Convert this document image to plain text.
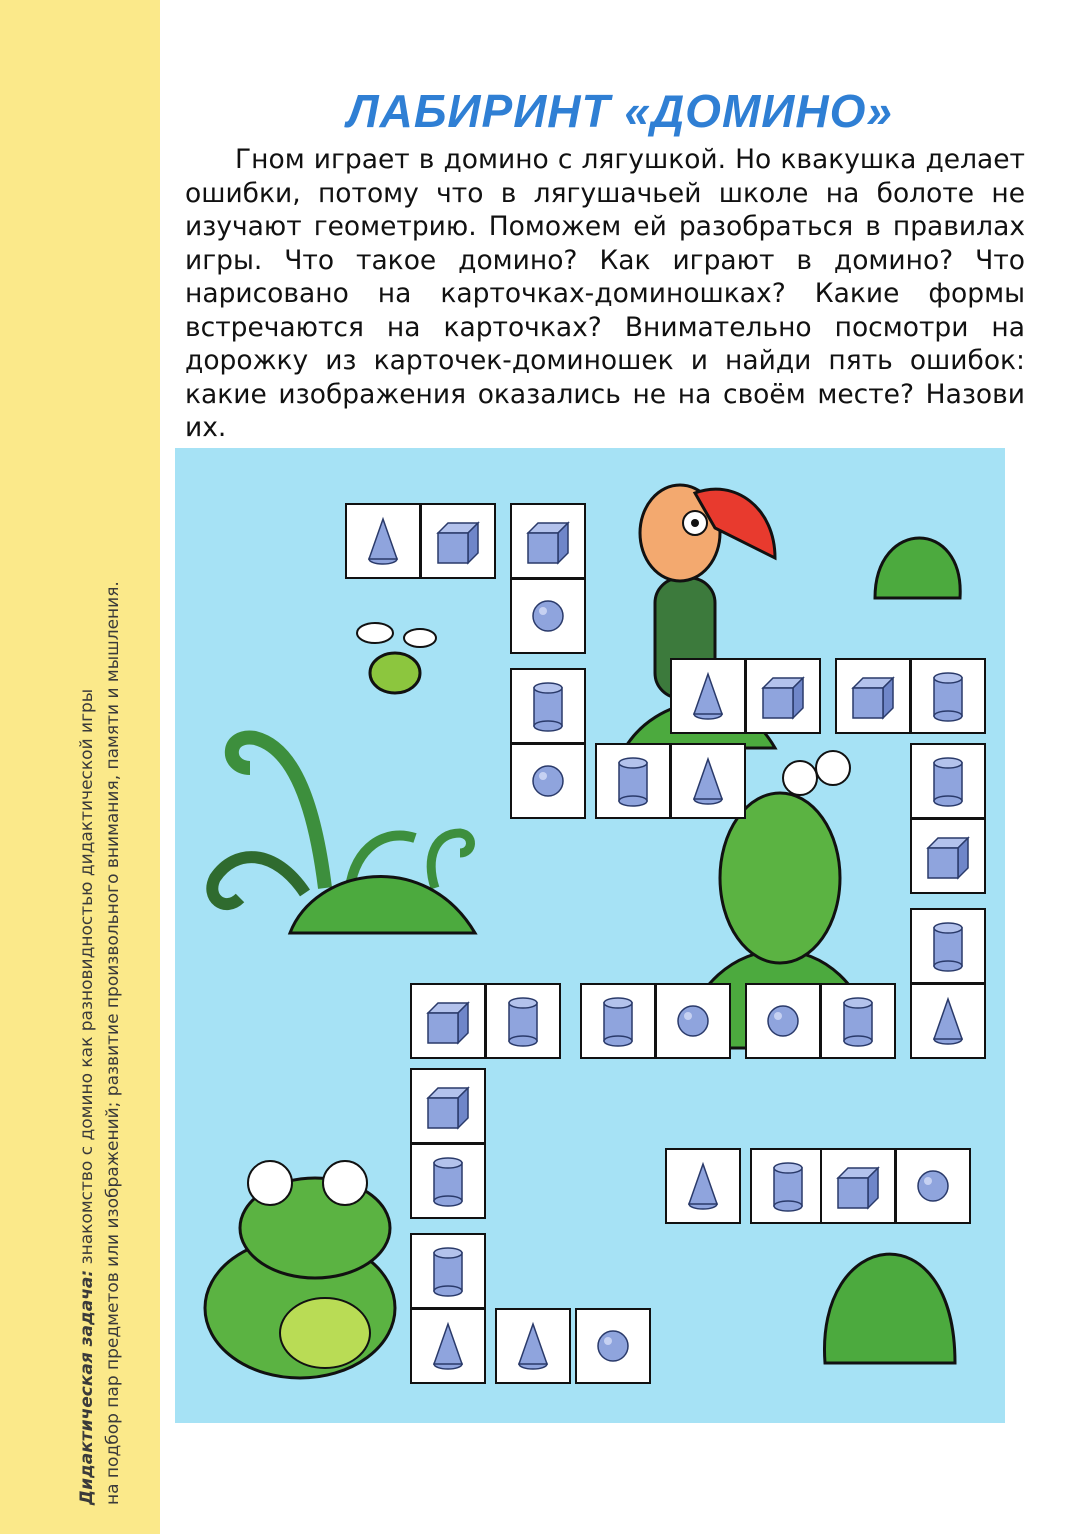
Дидактическая задача: знакомство с домино как разновидностью дидактической игры на подбор пар предметов или изображений; развитие произвольного внимания, памяти и мышления.
ЛАБИРИНТ «ДОМИНО»
Гном играет в домино с лягушкой. Но квакушка делает ошибки, потому что в лягушачьей школе на болоте не изучают геометрию. Поможем ей разобраться в правилах игры. Что такое домино? Как играют в домино? Что нарисовано на карточках-доминошках? Какие формы встречаются на карточках? Внимательно посмотри на дорожку из карточек-доминошек и найди пять ошибок: какие изображения оказались не на своём месте? Назови их.
